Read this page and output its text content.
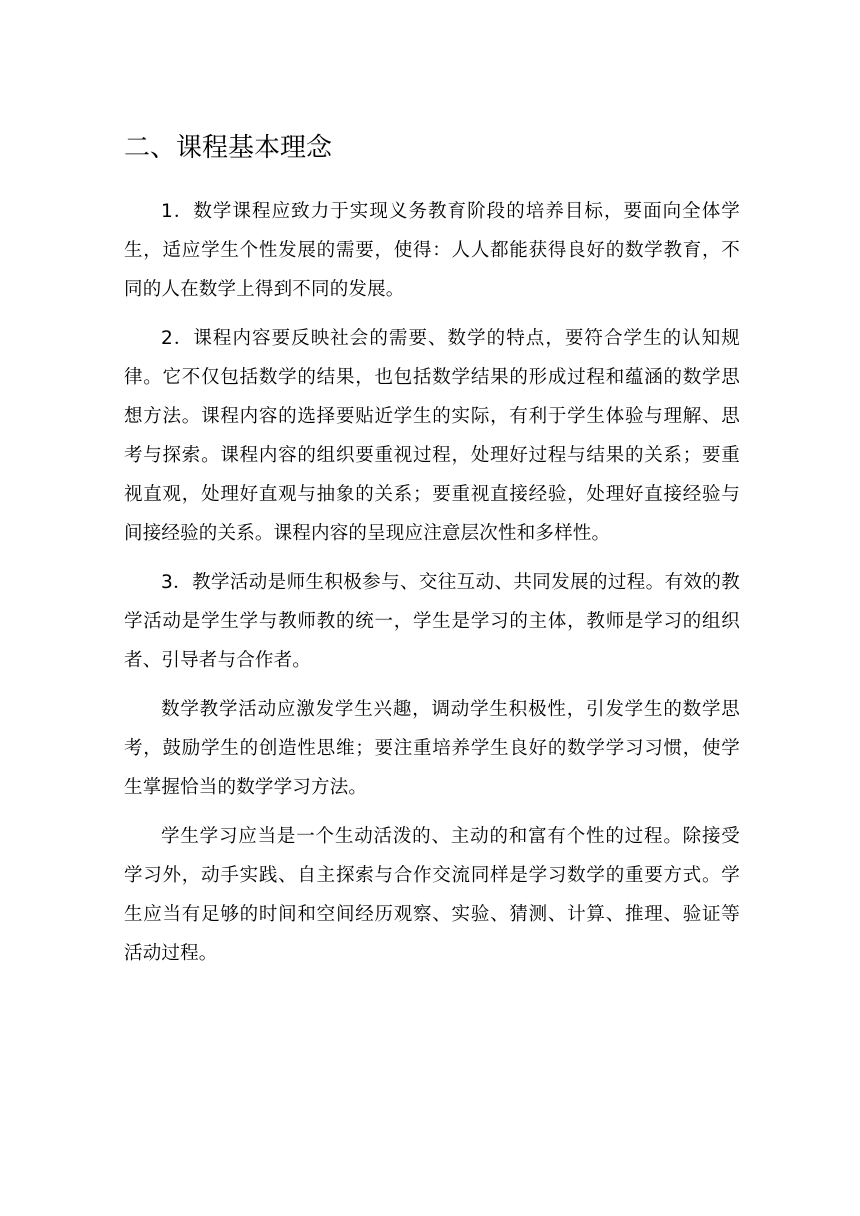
二、课程基本理念

1．数学课程应致力于实现义务教育阶段的培养目标，要面向全体学生，适应学生个性发展的需要，使得：人人都能获得良好的数学教育，不同的人在数学上得到不同的发展。

2．课程内容要反映社会的需要、数学的特点，要符合学生的认知规律。它不仅包括数学的结果，也包括数学结果的形成过程和蕴涵的数学思想方法。课程内容的选择要贴近学生的实际，有利于学生体验与理解、思考与探索。课程内容的组织要重视过程，处理好过程与结果的关系；要重视直观，处理好直观与抽象的关系；要重视直接经验，处理好直接经验与间接经验的关系。课程内容的呈现应注意层次性和多样性。

3．教学活动是师生积极参与、交往互动、共同发展的过程。有效的教学活动是学生学与教师教的统一，学生是学习的主体，教师是学习的组织者、引导者与合作者。

数学教学活动应激发学生兴趣，调动学生积极性，引发学生的数学思考，鼓励学生的创造性思维；要注重培养学生良好的数学学习习惯，使学生掌握恰当的数学学习方法。

学生学习应当是一个生动活泼的、主动的和富有个性的过程。除接受学习外，动手实践、自主探索与合作交流同样是学习数学的重要方式。学生应当有足够的时间和空间经历观察、实验、猜测、计算、推理、验证等活动过程。
